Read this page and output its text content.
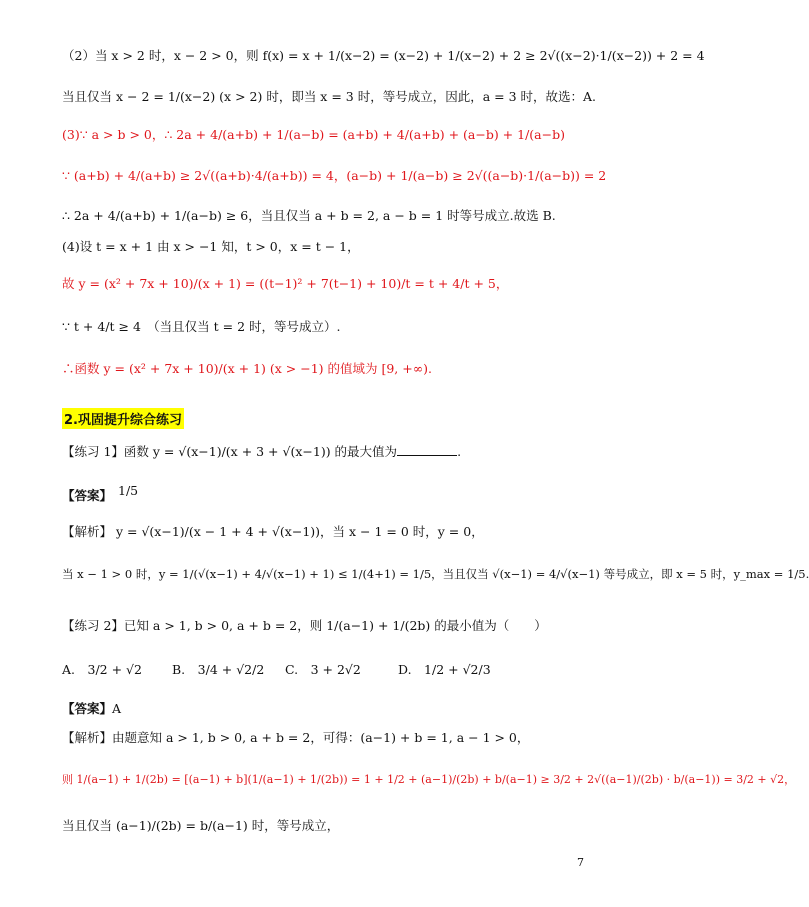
（2）当 x > 2 时，x − 2 > 0，则 f(x) = x + 1/(x−2) = (x−2) + 1/(x−2) + 2 ≥ 2√((x−2)·1/(x−2)) + 2 = 4
当且仅当 x − 2 = 1/(x−2) (x > 2) 时，即当 x = 3 时，等号成立，因此，a = 3 时，故选：A.
(3)∵ a > b > 0，∴ 2a + 4/(a+b) + 1/(a−b) = (a+b) + 4/(a+b) + (a−b) + 1/(a−b)
∵ (a+b) + 4/(a+b) ≥ 2√((a+b)·4/(a+b)) = 4，(a−b) + 1/(a−b) ≥ 2√((a−b)·1/(a−b)) = 2
∴ 2a + 4/(a+b) + 1/(a−b) ≥ 6，当且仅当 a + b = 2, a − b = 1 时等号成立.故选 B.
(4)设 t = x + 1 由 x > −1 知，t > 0，x = t − 1，
故 y = (x² + 7x + 10)/(x + 1) = ((t−1)² + 7(t−1) + 10)/t = t + 4/t + 5，
∵ t + 4/t ≥ 4　（当且仅当 t = 2 时，等号成立）.
∴函数 y = (x² + 7x + 10)/(x + 1) (x > −1) 的值域为 [9, +∞).
2.巩固提升综合练习
【练习 1】函数 y = √(x−1)/(x + 3 + √(x−1)) 的最大值为	.
【答案】 1/5
【解析】 y = √(x−1)/(x − 1 + 4 + √(x−1))，当 x − 1 = 0 时，y = 0，
当 x − 1 > 0 时，y = 1/(√(x−1) + 4/√(x−1) + 1) ≤ 1/(4+1) = 1/5，当且仅当 √(x−1) = 4/√(x−1) 等号成立，即 x = 5 时，y_max = 1/5.
【练习 2】已知 a > 1, b > 0, a + b = 2，则 1/(a−1) + 1/(2b) 的最小值为（　　）
A.　3/2 + √2 B.　3/4 + √2/2 C.　3 + 2√2	D.　1/2 + √2/3
【答案】A
【解析】由题意知 a > 1, b > 0, a + b = 2，可得：(a−1) + b = 1, a − 1 > 0，
则 1/(a−1) + 1/(2b) = [(a−1) + b](1/(a−1) + 1/(2b)) = 1 + 1/2 + (a−1)/(2b) + b/(a−1) ≥ 3/2 + 2√((a−1)/(2b) · b/(a−1)) = 3/2 + √2，
当且仅当 (a−1)/(2b) = b/(a−1) 时，等号成立，
7
